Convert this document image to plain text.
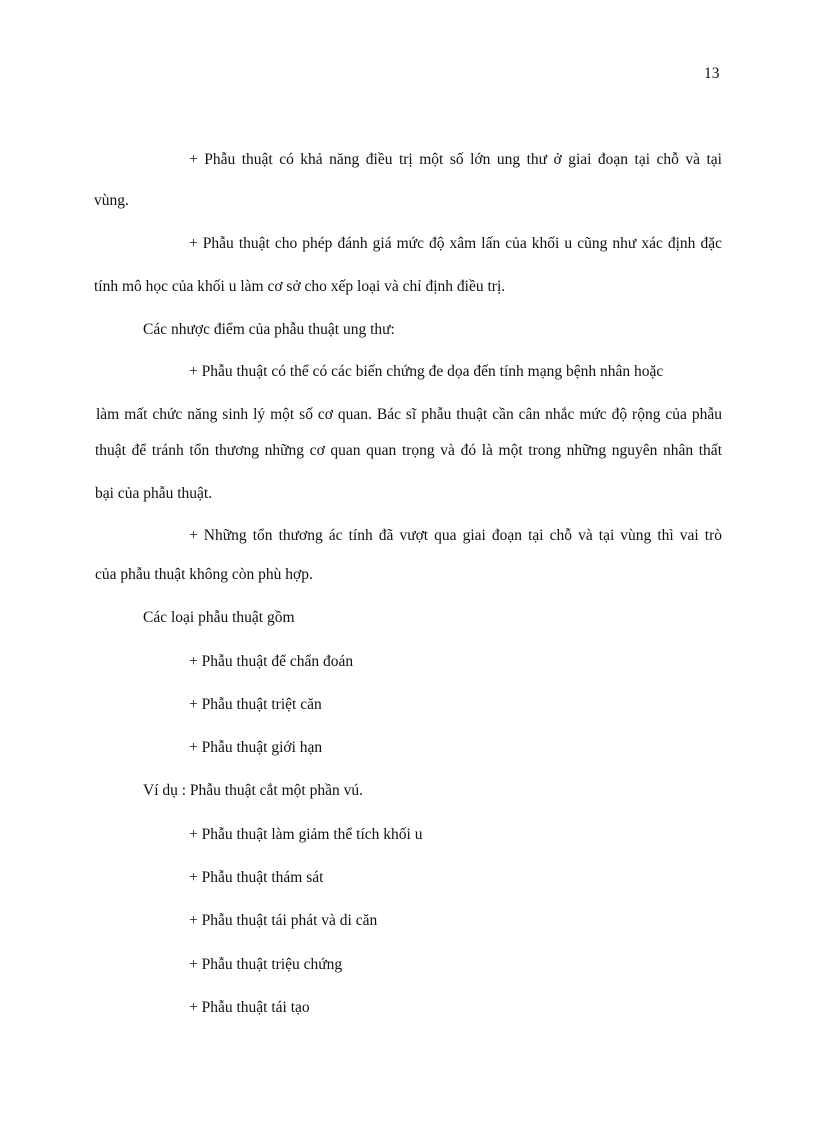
13
+ Phẫu thuật có khả năng điều trị một số lớn ung thư ở giai đoạn tại chỗ và tại
vùng.
+ Phẫu thuật cho phép đánh giá mức độ xâm lấn của khối u cũng như xác định đặc
tính mô học của khối u làm cơ sở cho xếp loại và chỉ định điều trị.
Các nhược điểm của phẫu thuật ung thư:
+ Phẫu thuật có thể có các biến chứng đe dọa đến tính mạng bệnh nhân hoặc
làm mất chức năng sinh lý một số cơ quan. Bác sĩ phẫu thuật cần cân nhắc mức độ rộng của phẫu
thuật để tránh tổn thương những cơ quan quan trọng và đó là một trong những nguyên nhân thất
bại của phẫu thuật.
+ Những tổn thương ác tính đã vượt qua giai đoạn tại chỗ và tại vùng thì vai trò
của phẫu thuật không còn phù hợp.
Các loại phẫu thuật gồm
+ Phẫu thuật để chẩn đoán
+ Phẫu thuật triệt căn
+ Phẫu thuật giới hạn
Ví dụ : Phẫu thuật cắt một phần vú.
+ Phẫu thuật làm giảm thể tích khối u
+ Phẫu thuật thám sát
+ Phẫu thuật tái phát và di căn
+ Phẫu thuật triệu chứng
+ Phẫu thuật tái tạo
